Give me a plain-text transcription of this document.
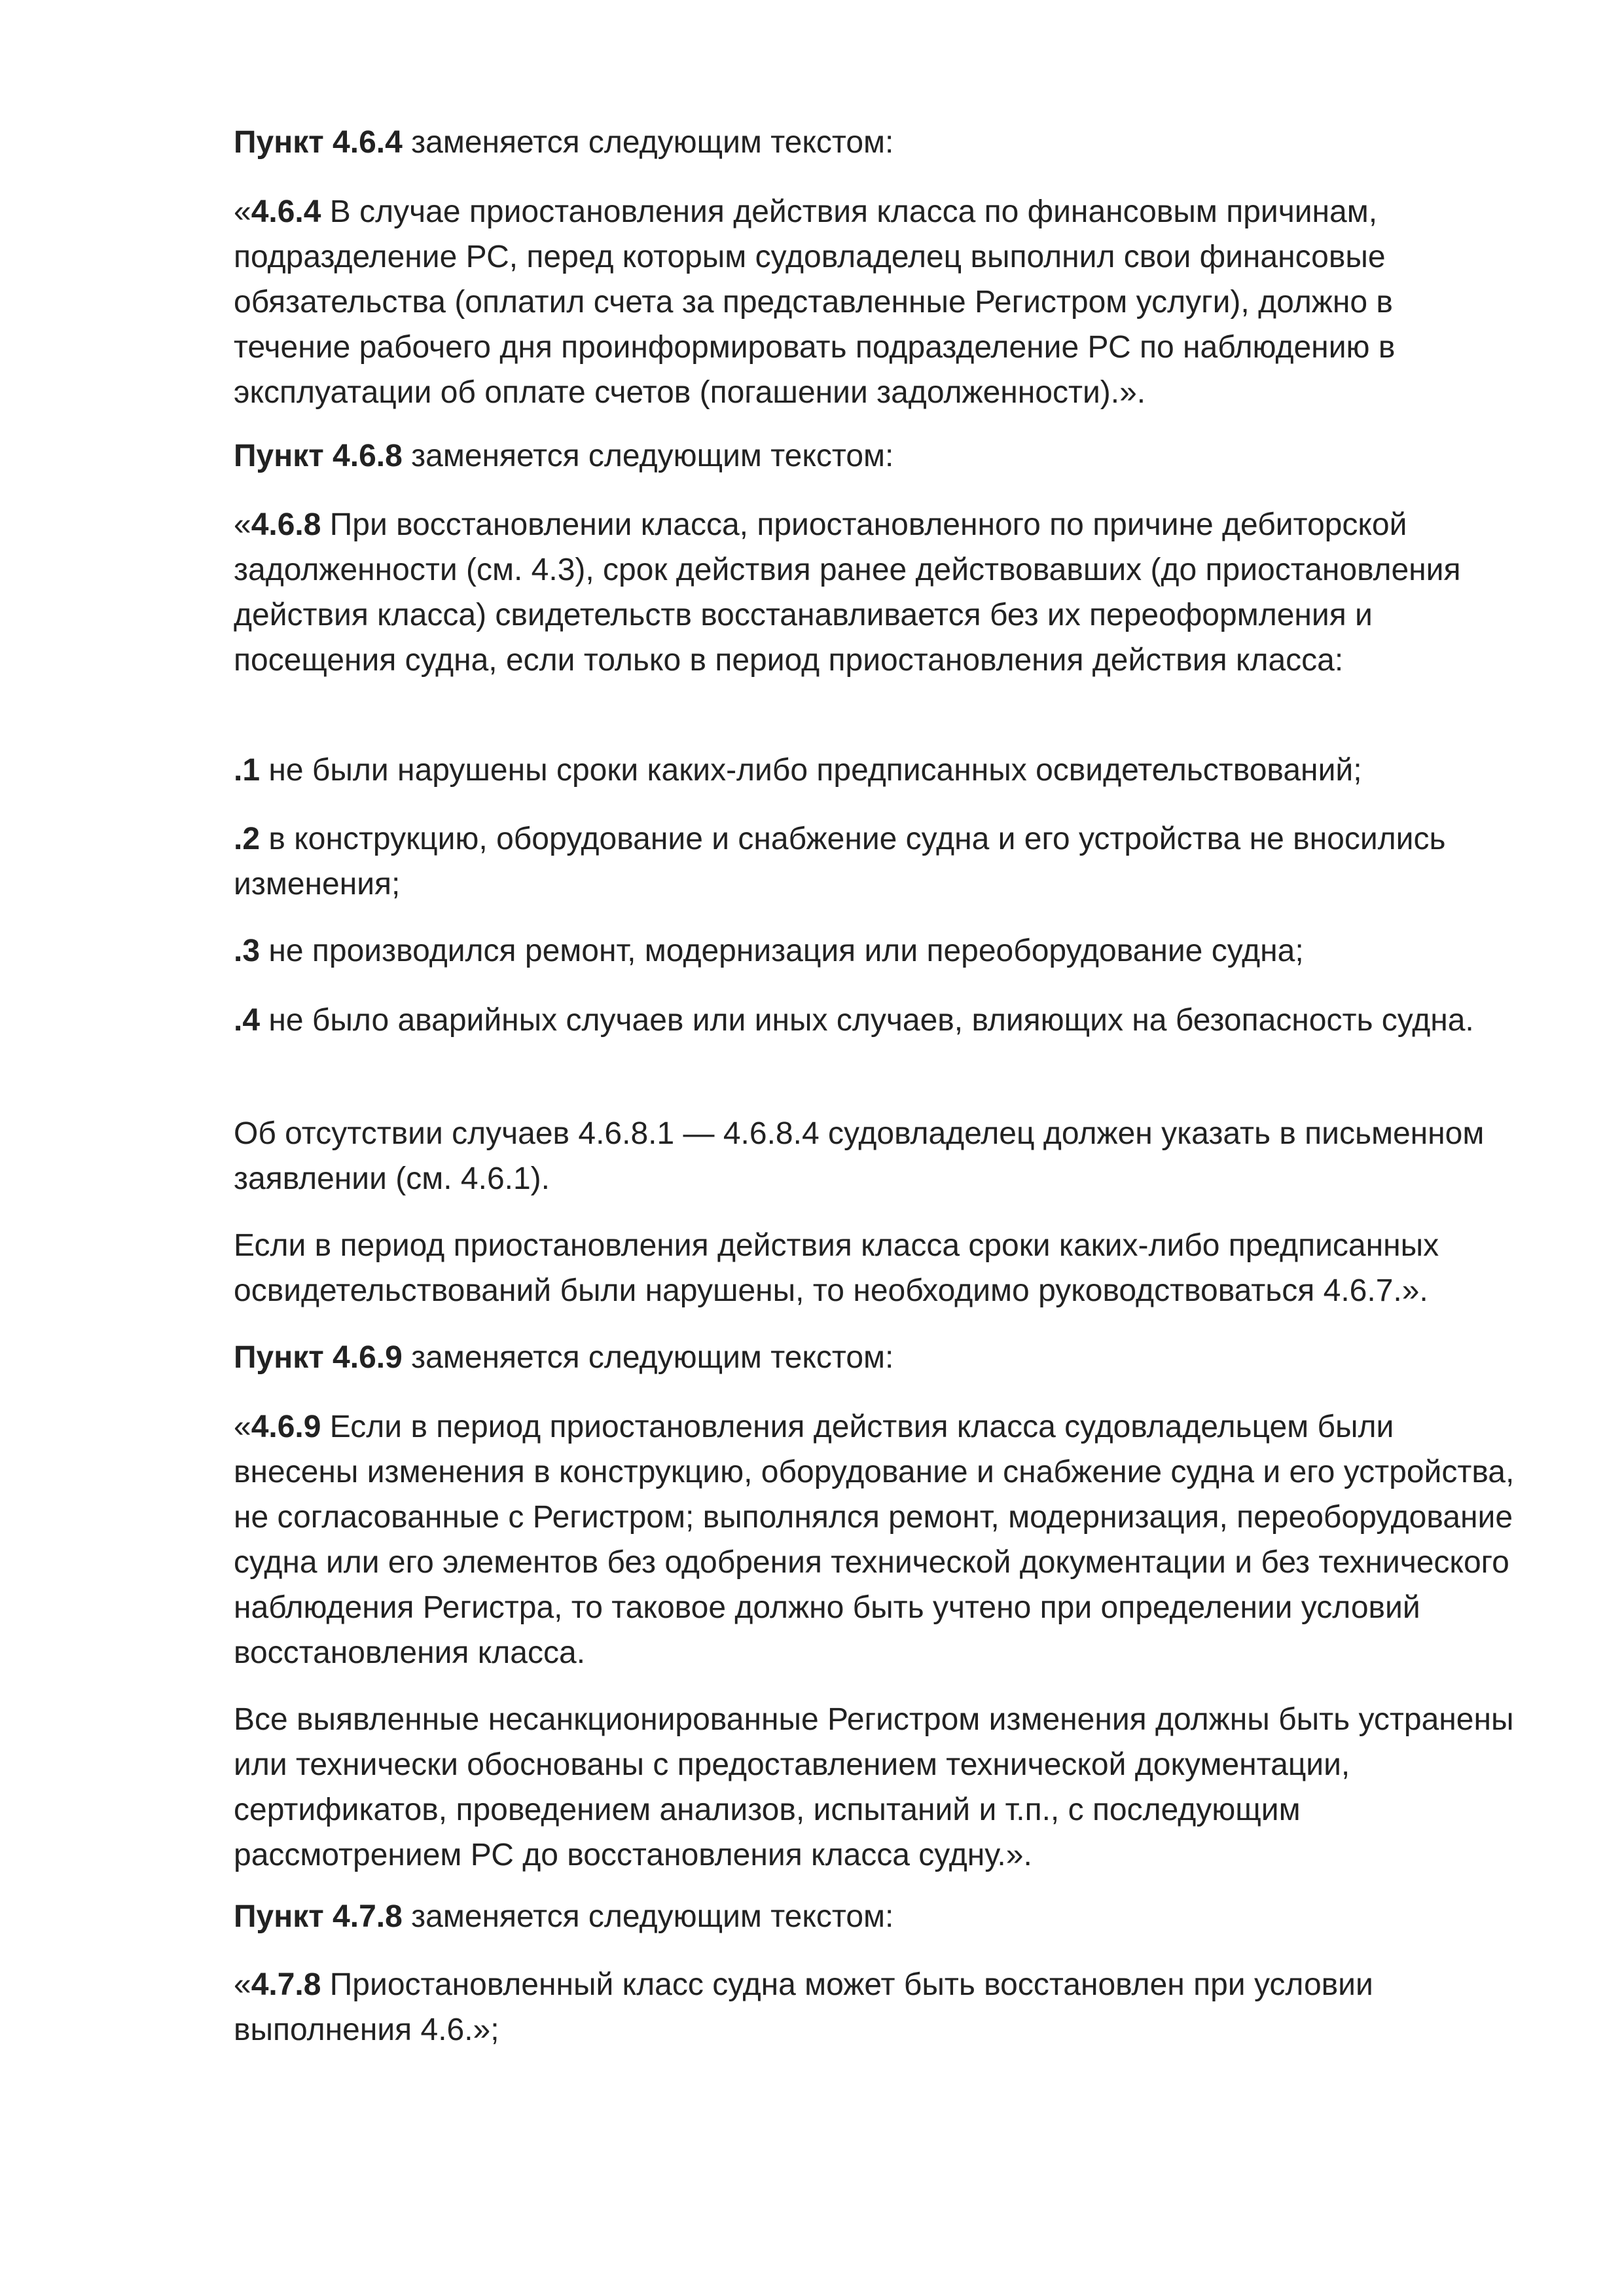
Пункт 4.6.4 заменяется следующим текстом:

«4.6.4 В случае приостановления действия класса по финансовым причинам, подразделение РС, перед которым судовладелец выполнил свои финансовые обязательства (оплатил счета за представленные Регистром услуги), должно в течение рабочего дня проинформировать подразделение РС по наблюдению в эксплуатации об оплате счетов (погашении задолженности).».

Пункт 4.6.8 заменяется следующим текстом:

«4.6.8 При восстановлении класса, приостановленного по причине дебиторской задолженности (см. 4.3), срок действия ранее действовавших (до приостановления действия класса) свидетельств восстанавливается без их переоформления и посещения судна, если только в период приостановления действия класса:

.1 не были нарушены сроки каких-либо предписанных освидетельствований;

.2 в конструкцию, оборудование и снабжение судна и его устройства не вносились изменения;

.3 не производился ремонт, модернизация или переоборудование судна;

.4 не было аварийных случаев или иных случаев, влияющих на безопасность судна.

Об отсутствии случаев 4.6.8.1 — 4.6.8.4 судовладелец должен указать в письменном заявлении (см. 4.6.1).

Если в период приостановления действия класса сроки каких-либо предписанных освидетельствований были нарушены, то необходимо руководствоваться 4.6.7.».

Пункт 4.6.9 заменяется следующим текстом:

«4.6.9 Если в период приостановления действия класса судовладельцем были внесены изменения в конструкцию, оборудование и снабжение судна и его устройства, не согласованные с Регистром; выполнялся ремонт, модернизация, переоборудование судна или его элементов без одобрения технической документации и без технического наблюдения Регистра, то таковое должно быть учтено при определении условий восстановления класса.

Все выявленные несанкционированные Регистром изменения должны быть устранены или технически обоснованы с предоставлением технической документации, сертификатов, проведением анализов, испытаний и т.п., с последующим рассмотрением РС до восстановления класса судну.».

Пункт 4.7.8 заменяется следующим текстом:

«4.7.8 Приостановленный класс судна может быть восстановлен при условии выполнения 4.6.»;
